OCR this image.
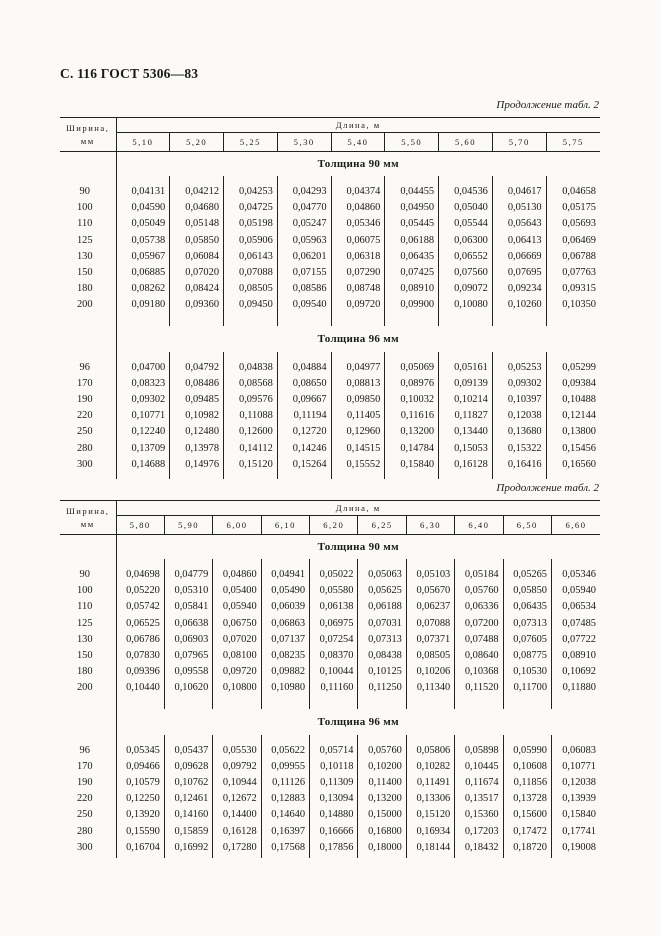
С. 116 ГОСТ 5306—83
Продолжение табл. 2
Ширина, мм	Длина, м								
	5,10	5,20	5,25	5,30	5,40	5,50	5,60	5,70	5,75
	Толщина 90 мм								

90	0,04131	0,04212	0,04253	0,04293	0,04374	0,04455	0,04536	0,04617	0,04658
100	0,04590	0,04680	0,04725	0,04770	0,04860	0,04950	0,05040	0,05130	0,05175
110	0,05049	0,05148	0,05198	0,05247	0,05346	0,05445	0,05544	0,05643	0,05693
125	0,05738	0,05850	0,05906	0,05963	0,06075	0,06188	0,06300	0,06413	0,06469
130	0,05967	0,06084	0,06143	0,06201	0,06318	0,06435	0,06552	0,06669	0,06788
150	0,06885	0,07020	0,07088	0,07155	0,07290	0,07425	0,07560	0,07695	0,07763
180	0,08262	0,08424	0,08505	0,08586	0,08748	0,08910	0,09072	0,09234	0,09315
200	0,09180	0,09360	0,09450	0,09540	0,09720	0,09900	0,10080	0,10260	0,10350

	Толщина 96 мм								

96	0,04700	0,04792	0,04838	0,04884	0,04977	0,05069	0,05161	0,05253	0,05299
170	0,08323	0,08486	0,08568	0,08650	0,08813	0,08976	0,09139	0,09302	0,09384
190	0,09302	0,09485	0,09576	0,09667	0,09850	0,10032	0,10214	0,10397	0,10488
220	0,10771	0,10982	0,11088	0,11194	0,11405	0,11616	0,11827	0,12038	0,12144
250	0,12240	0,12480	0,12600	0,12720	0,12960	0,13200	0,13440	0,13680	0,13800
280	0,13709	0,13978	0,14112	0,14246	0,14515	0,14784	0,15053	0,15322	0,15456
300	0,14688	0,14976	0,15120	0,15264	0,15552	0,15840	0,16128	0,16416	0,16560

Продолжение табл. 2
Ширина, мм	Длина, м									
	5,80	5,90	6,00	6,10	6,20	6,25	6,30	6,40	6,50	6,60
	Толщина 90 мм									

90	0,04698	0,04779	0,04860	0,04941	0,05022	0,05063	0,05103	0,05184	0,05265	0,05346
100	0,05220	0,05310	0,05400	0,05490	0,05580	0,05625	0,05670	0,05760	0,05850	0,05940
110	0,05742	0,05841	0,05940	0,06039	0,06138	0,06188	0,06237	0,06336	0,06435	0,06534
125	0,06525	0,06638	0,06750	0,06863	0,06975	0,07031	0,07088	0,07200	0,07313	0,07485
130	0,06786	0,06903	0,07020	0,07137	0,07254	0,07313	0,07371	0,07488	0,07605	0,07722
150	0,07830	0,07965	0,08100	0,08235	0,08370	0,08438	0,08505	0,08640	0,08775	0,08910
180	0,09396	0,09558	0,09720	0,09882	0,10044	0,10125	0,10206	0,10368	0,10530	0,10692
200	0,10440	0,10620	0,10800	0,10980	0,11160	0,11250	0,11340	0,11520	0,11700	0,11880

	Толщина 96 мм									

96	0,05345	0,05437	0,05530	0,05622	0,05714	0,05760	0,05806	0,05898	0,05990	0,06083
170	0,09466	0,09628	0,09792	0,09955	0,10118	0,10200	0,10282	0,10445	0,10608	0,10771
190	0,10579	0,10762	0,10944	0,11126	0,11309	0,11400	0,11491	0,11674	0,11856	0,12038
220	0,12250	0,12461	0,12672	0,12883	0,13094	0,13200	0,13306	0,13517	0,13728	0,13939
250	0,13920	0,14160	0,14400	0,14640	0,14880	0,15000	0,15120	0,15360	0,15600	0,15840
280	0,15590	0,15859	0,16128	0,16397	0,16666	0,16800	0,16934	0,17203	0,17472	0,17741
300	0,16704	0,16992	0,17280	0,17568	0,17856	0,18000	0,18144	0,18432	0,18720	0,19008
